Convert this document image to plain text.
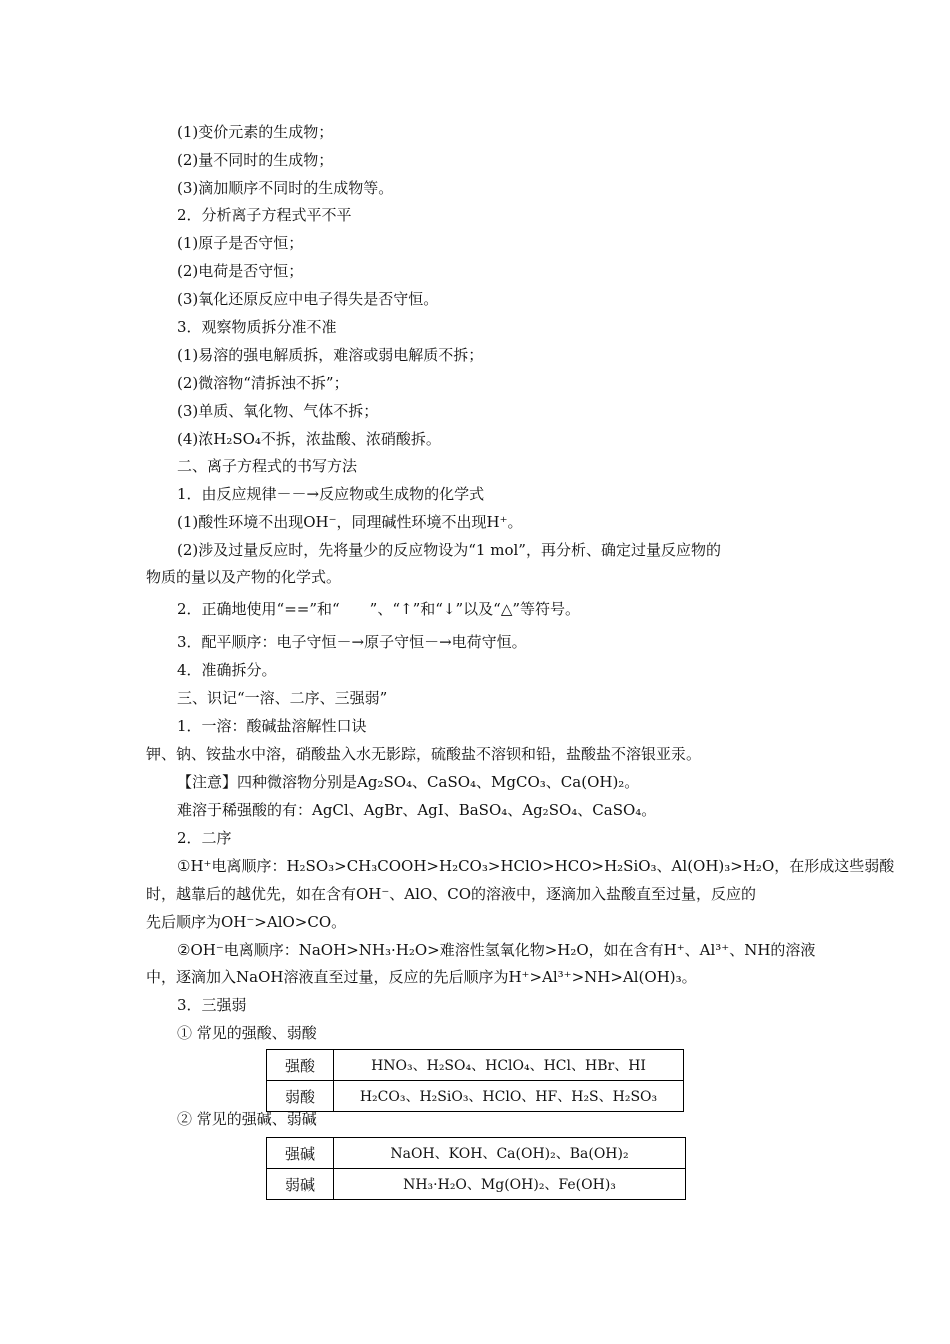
(1)变价元素的生成物；
(2)量不同时的生成物；
(3)滴加顺序不同时的生成物等。
2．分析离子方程式平不平
(1)原子是否守恒；
(2)电荷是否守恒；
(3)氧化还原反应中电子得失是否守恒。
3．观察物质拆分准不准
(1)易溶的强电解质拆，难溶或弱电解质不拆；
(2)微溶物“清拆浊不拆”；
(3)单质、氧化物、气体不拆；
(4)浓H₂SO₄不拆，浓盐酸、浓硝酸拆。
二、离子方程式的书写方法
1．由反应规律－－→反应物或生成物的化学式
(1)酸性环境不出现OH⁻，同理碱性环境不出现H⁺。
(2)涉及过量反应时，先将量少的反应物设为“1 mol”，再分析、确定过量反应物的
物质的量以及产物的化学式。
2．正确地使用“==”和“　　”、“↑”和“↓”以及“△”等符号。
3．配平顺序：电子守恒－→原子守恒－→电荷守恒。
4．准确拆分。
三、识记“一溶、二序、三强弱”
1．一溶：酸碱盐溶解性口诀
钾、钠、铵盐水中溶，硝酸盐入水无影踪，硫酸盐不溶钡和铅，盐酸盐不溶银亚汞。
【注意】四种微溶物分别是Ag₂SO₄、CaSO₄、MgCO₃、Ca(OH)₂。
难溶于稀强酸的有：AgCl、AgBr、AgI、BaSO₄、Ag₂SO₄、CaSO₄。
2．二序
①H⁺电离顺序：H₂SO₃>CH₃COOH>H₂CO₃>HClO>HCO>H₂SiO₃、Al(OH)₃>H₂O，在形成这些弱酸
时，越靠后的越优先，如在含有OH⁻、AlO、CO的溶液中，逐滴加入盐酸直至过量，反应的
先后顺序为OH⁻>AlO>CO。
②OH⁻电离顺序：NaOH>NH₃·H₂O>难溶性氢氧化物>H₂O，如在含有H⁺、Al³⁺、NH的溶液
中，逐滴加入NaOH溶液直至过量，反应的先后顺序为H⁺>Al³⁺>NH>Al(OH)₃。
3．三强弱
① 常见的强酸、弱酸
强酸	HNO₃、H₂SO₄、HClO₄、HCl、HBr、HI
弱酸	H₂CO₃、H₂SiO₃、HClO、HF、H₂S、H₂SO₃
② 常见的强碱、弱碱
强碱	NaOH、KOH、Ca(OH)₂、Ba(OH)₂
弱碱	NH₃·H₂O、Mg(OH)₂、Fe(OH)₃
